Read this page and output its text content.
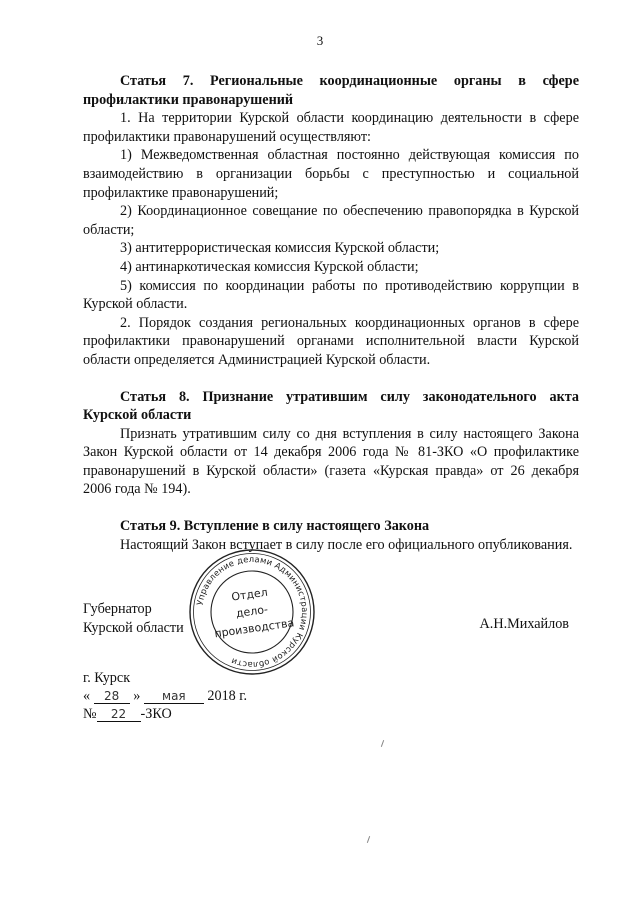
3
Статья 7. Региональные координационные органы в сфере профилактики правонарушений
1. На территории Курской области координацию деятельности в сфере профилактики правонарушений осуществляют:
1) Межведомственная областная постоянно действующая комиссия по взаимодействию в организации борьбы с преступностью и социальной профилактике правонарушений;
2) Координационное совещание по обеспечению правопорядка в Курской области;
3) антитеррористическая комиссия Курской области;
4) антинаркотическая комиссия Курской области;
5) комиссия по координации работы по противодействию коррупции в Курской области.
2. Порядок создания региональных координационных органов в сфере профилактики правонарушений органами исполнительной власти Курской области определяется Администрацией Курской области.
Статья 8. Признание утратившим силу законодательного акта Курской области
Признать утратившим силу со дня вступления в силу настоящего Закона Закон Курской области от 14 декабря 2006 года № 81-ЗКО «О профилактике правонарушений в Курской области» (газета «Курская правда» от 26 декабря 2006 года № 194).
Статья 9. Вступление в силу настоящего Закона
Настоящий Закон вступает в силу после его официального опубликования.
Губернатор
Курской области	А.Н.Михайлов
Управление делами Администрации Курской области
Отдел
дело-
производства
г. Курск
« 28 » мая 2018 г.
№ 22 -ЗКО
